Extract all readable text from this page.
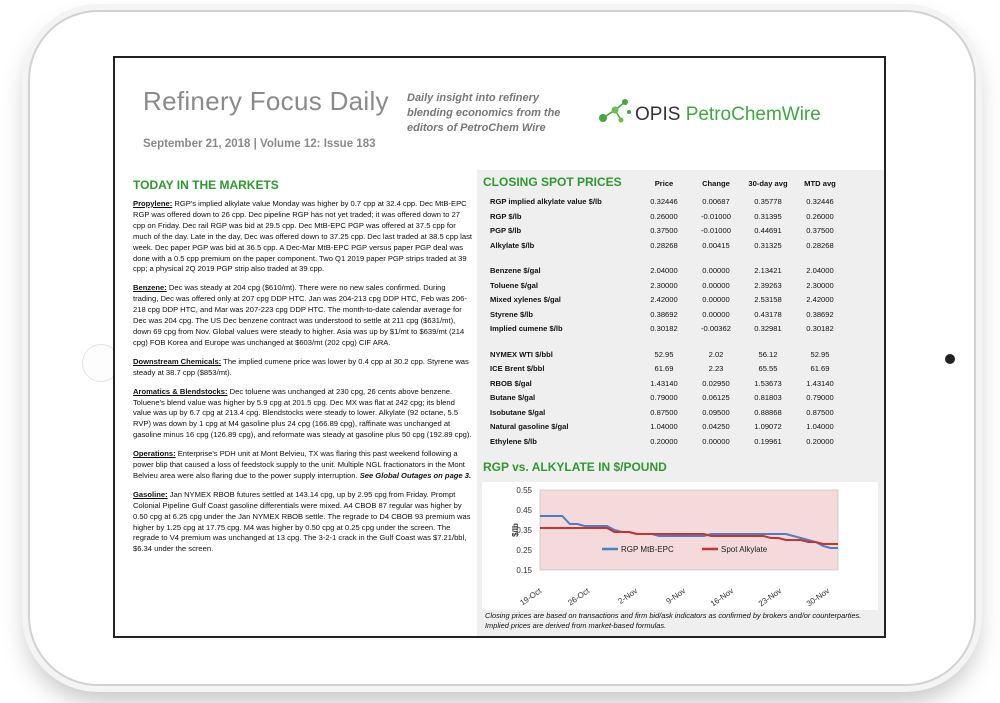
Refinery Focus Daily
September 21, 2018 | Volume 12: Issue 183
Daily insight into refinery blending economics from the editors of PetroChem Wire
OPIS PetroChemWire
TODAY IN THE MARKETS

Propylene: RGP's implied alkylate value Monday was higher by 0.7 cpp at 32.4 cpp. Dec MtB-EPC RGP was offered down to 26 cpp. Dec pipeline RGP has not yet traded; it was offered down to 27 cpp on Friday. Dec rail RGP was bid at 29.5 cpp. Dec MtB-EPC PGP was offered at 37.5 cpp for much of the day. Late in the day, Dec was offered down to 37.25 cpp. Dec last traded at 38.5 cpp last week. Dec paper PGP was bid at 36.5 cpp. A Dec-Mar MtB-EPC PGP versus paper PGP deal was done with a 0.5 cpp premium on the paper component. Two Q1 2019 paper PGP strips traded at 39 cpp; a physical 2Q 2019 PGP strip also traded at 39 cpp.

Benzene: Dec was steady at 204 cpg ($610/mt). There were no new sales confirmed. During trading, Dec was offered only at 207 cpg DDP HTC. Jan was 204-213 cpg DDP HTC, Feb was 206-218 cpg DDP HTC, and Mar was 207-223 cpg DDP HTC. The month-to-date calendar average for Dec was 204 cpg. The US Dec benzene contract was understood to settle at 211 cpg ($631/mt), down 69 cpg from Nov. Global values were steady to higher. Asia was up by $1/mt to $639/mt (214 cpg) FOB Korea and Europe was unchanged at $603/mt (202 cpg) CIF ARA.

Downstream Chemicals: The implied cumene price was lower by 0.4 cpp at 30.2 cpp. Styrene was steady at 38.7 cpp ($853/mt).

Aromatics & Blendstocks: Dec toluene was unchanged at 230 cpg, 26 cents above benzene. Toluene's blend value was higher by 5.9 cpg at 201.5 cpg. Dec MX was flat at 242 cpg; its blend value was up by 6.7 cpg at 213.4 cpg. Blendstocks were steady to lower. Alkylate (92 octane, 5.5 RVP) was down by 1 cpg at M4 gasoline plus 24 cpg (166.89 cpg), raffinate was unchanged at gasoline minus 16 cpg (126.89 cpg), and reformate was steady at gasoline plus 50 cpg (192.89 cpg).

Operations: Enterprise's PDH unit at Mont Belvieu, TX was flaring this past weekend following a power blip that caused a loss of feedstock supply to the unit. Multiple NGL fractionators in the Mont Belvieu area were also flaring due to the power supply interruption. See Global Outages on page 3.

Gasoline: Jan NYMEX RBOB futures settled at 143.14 cpg, up by 2.95 cpg from Friday. Prompt Colonial Pipeline Gulf Coast gasoline differentials were mixed. A4 CBOB 87 regular was higher by 0.50 cpg at 6.25 cpg under the Jan NYMEX RBOB settle. The regrade to D4 CBOB 93 premium was higher by 1.25 cpg at 17.75 cpg. M4 was higher by 0.50 cpg at 0.25 cpg under the screen. The regrade to V4 premium was unchanged at 13 cpg. The 3-2-1 crack in the Gulf Coast was $7.21/bbl, $6.34 under the screen.

CLOSING SPOT PRICES
		Price	Change	30-day avg	MTD avg

RGP implied alkylate value $/lb	0.32446	0.00687	0.35778	0.32446
RGP $/lb	0.26000	-0.01000	0.31395	0.26000
PGP $/lb	0.37500	-0.01000	0.44691	0.37500
Alkylate $/lb	0.28268	0.00415	0.31325	0.28268

Benzene $/gal	2.04000	0.00000	2.13421	2.04000
Toluene $/gal	2.30000	0.00000	2.39263	2.30000
Mixed xylenes $/gal	2.42000	0.00000	2.53158	2.42000
Styrene $/lb	0.38692	0.00000	0.43178	0.38692
Implied cumene $/lb	0.30182	-0.00362	0.32981	0.30182

NYMEX WTI $/bbl	52.95	2.02	56.12	52.95
ICE Brent $/bbl	61.69	2.23	65.55	61.69
RBOB $/gal	1.43140	0.02950	1.53673	1.43140
Butane $/gal	0.79000	0.06125	0.81803	0.79000
Isobutane $/gal	0.87500	0.09500	0.88868	0.87500
Natural gasoline $/gal	1.04000	0.04250	1.09072	1.04000
Ethylene $/lb	0.20000	0.00000	0.19961	0.20000
RGP vs. ALKYLATE IN $/POUND
0.55
0.45
0.35
0.25
0.15
$/lb
19-Oct	26-Oct	2-Nov	9-Nov	16-Nov	23-Nov	30-Nov
RGP MtB-EPC	Spot Alkylate
Closing prices are based on transactions and firm bid/ask indicators as confirmed by brokers and/or counterparties. Implied prices are derived from market-based formulas.
